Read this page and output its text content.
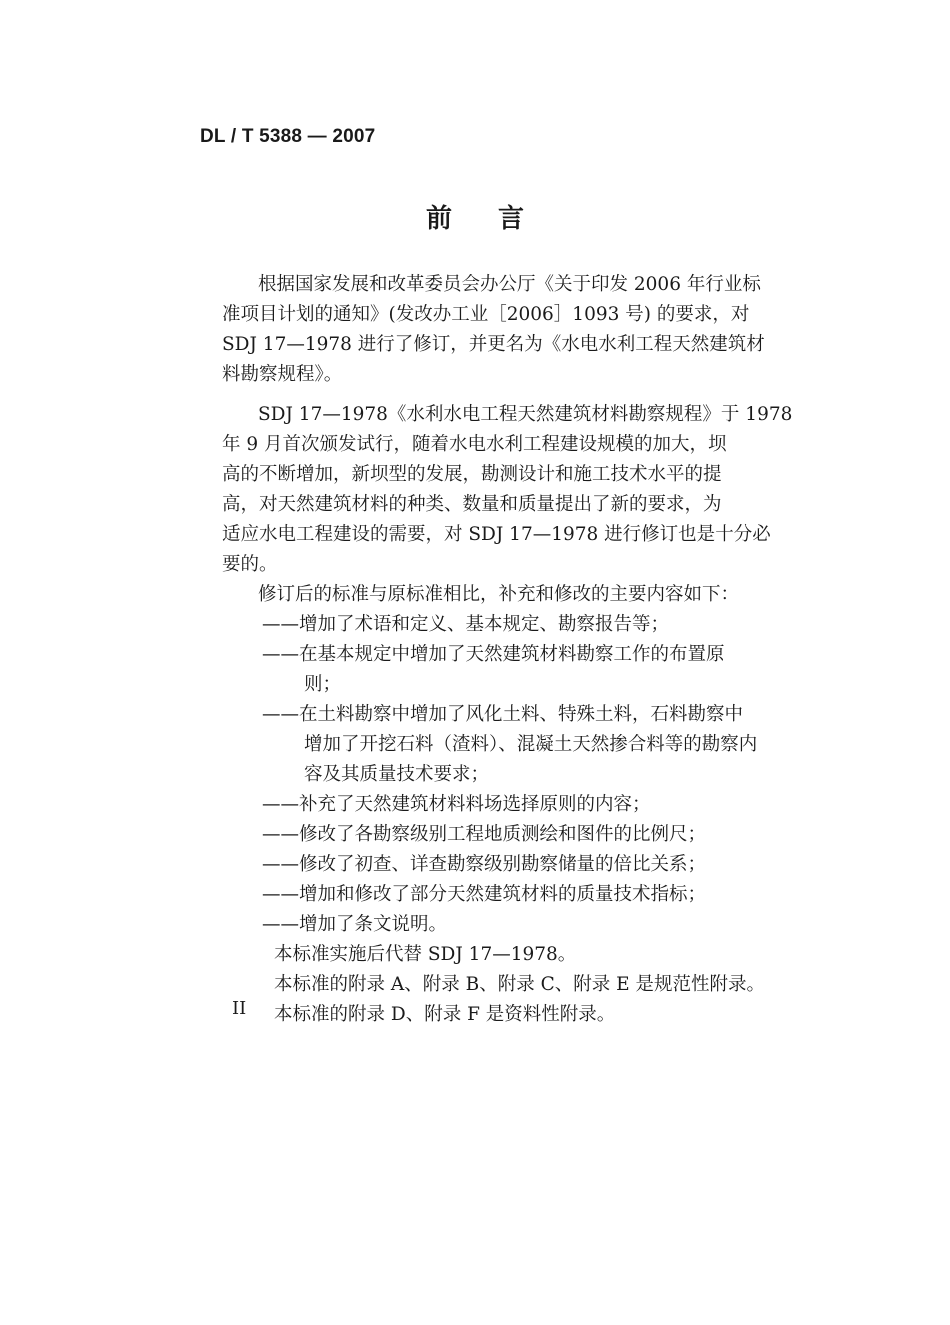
DL / T 5388 — 2007
前言
根据国家发展和改革委员会办公厅《关于印发 2006 年行业标
准项目计划的通知》(发改办工业［2006］1093 号) 的要求，对
SDJ 17—1978 进行了修订，并更名为《水电水利工程天然建筑材
料勘察规程》。
SDJ 17—1978《水利水电工程天然建筑材料勘察规程》于 1978
年 9 月首次颁发试行，随着水电水利工程建设规模的加大，坝
高的不断增加，新坝型的发展，勘测设计和施工技术水平的提
高，对天然建筑材料的种类、数量和质量提出了新的要求，为
适应水电工程建设的需要，对 SDJ 17—1978 进行修订也是十分必
要的。
修订后的标准与原标准相比，补充和修改的主要内容如下：
——增加了术语和定义、基本规定、勘察报告等；
——在基本规定中增加了天然建筑材料勘察工作的布置原
则；
——在土料勘察中增加了风化土料、特殊土料，石料勘察中
增加了开挖石料（渣料）、混凝土天然掺合料等的勘察内
容及其质量技术要求；
——补充了天然建筑材料料场选择原则的内容；
——修改了各勘察级别工程地质测绘和图件的比例尺；
——修改了初查、详查勘察级别勘察储量的倍比关系；
——增加和修改了部分天然建筑材料的质量技术指标；
——增加了条文说明。
本标准实施后代替 SDJ 17—1978。
本标准的附录 A、附录 B、附录 C、附录 E 是规范性附录。
本标准的附录 D、附录 F 是资料性附录。
II
